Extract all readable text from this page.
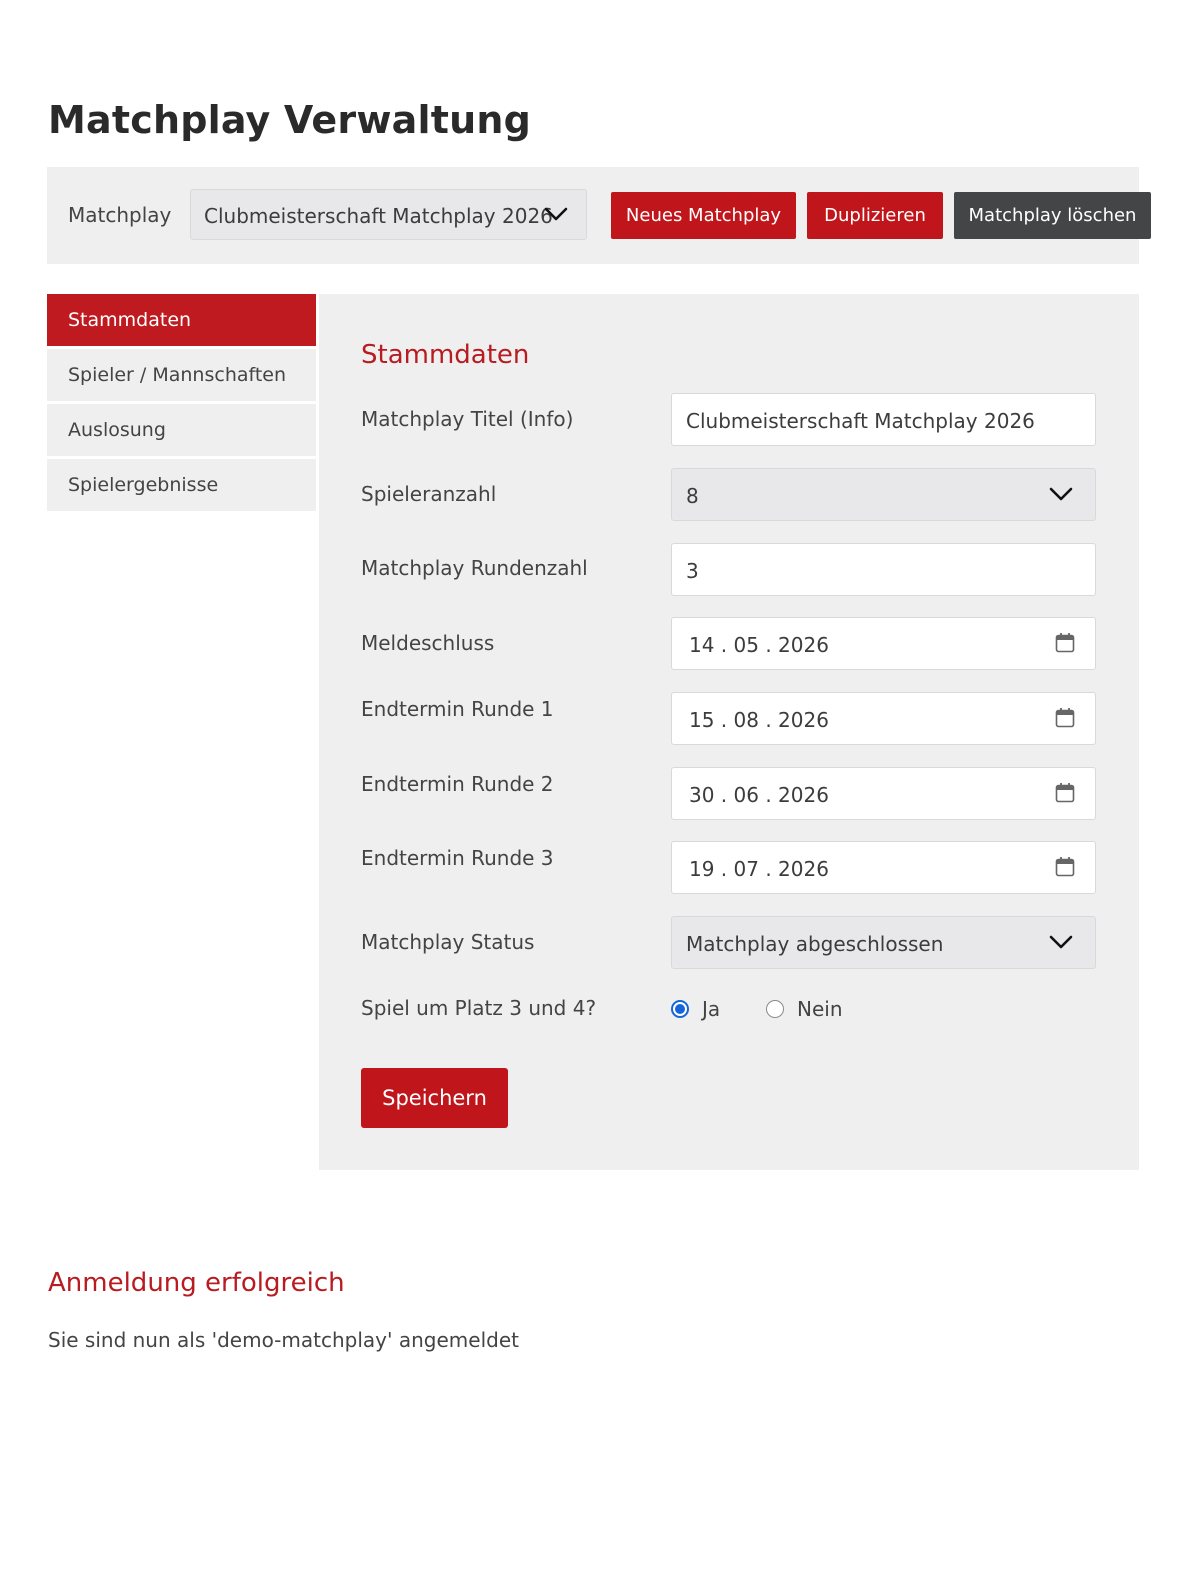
Matchplay Verwaltung
Matchplay Clubmeisterschaft Matchplay 2026	Neues Matchplay	Duplizieren	Matchplay löschen
Stammdaten
Spieler / Mannschaften
Auslosung
Spielergebnisse
Stammdaten
Matchplay Titel (Info)	Clubmeisterschaft Matchplay 2026
Spieleranzahl	8
Matchplay Rundenzahl	3
Meldeschluss	14 . 05 . 2026
Endtermin Runde 1	15 . 08 . 2026
Endtermin Runde 2	30 . 06 . 2026
Endtermin Runde 3	19 . 07 . 2026
Matchplay Status	Matchplay abgeschlossen
Spiel um Platz 3 und 4?	Ja	Nein
Speichern
Anmeldung erfolgreich

Sie sind nun als 'demo-matchplay' angemeldet
